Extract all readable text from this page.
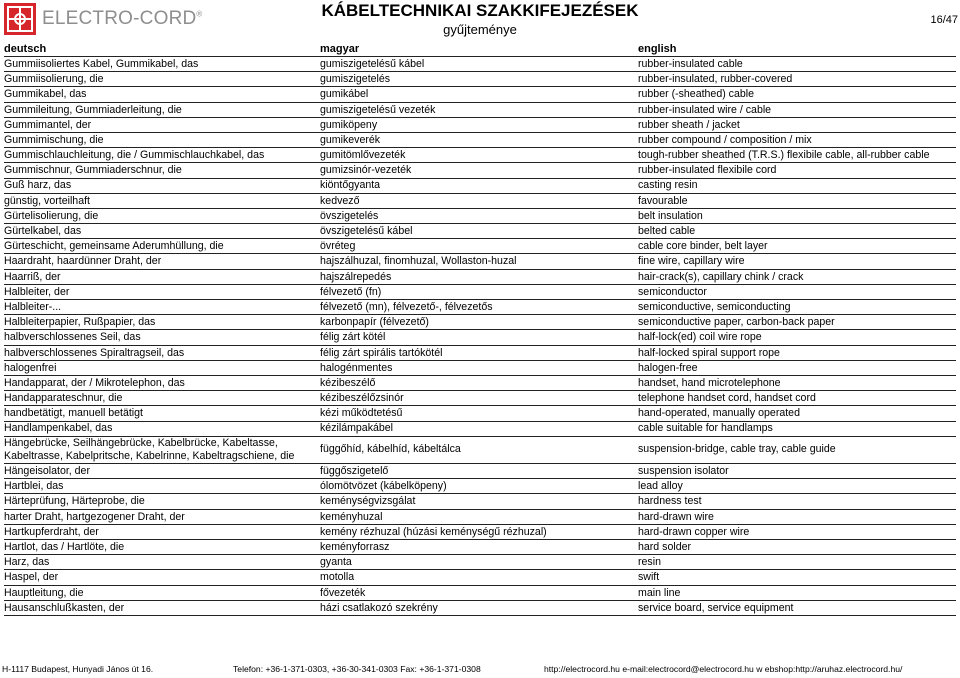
ELECTRO-CORD®	KÁBELTECHNIKAI SZAKKIFEJEZÉSEK
gyűjteménye
16/47
deutsch	magyar	english
Gummiisoliertes Kabel, Gummikabel, das	gumiszigetelésű kábel	rubber-insulated cable
Gummiisolierung, die	gumiszigetelés	rubber-insulated, rubber-covered
Gummikabel, das	gumikábel	rubber (-sheathed) cable
Gummileitung, Gummiaderleitung, die	gumiszigetelésű vezeték	rubber-insulated wire / cable
Gummimantel, der	gumiköpeny	rubber sheath / jacket
Gummimischung, die	gumikeverék	rubber compound / composition / mix
Gummischlauchleitung, die / Gummischlauchkabel, das	gumitömlővezeték	tough-rubber sheathed (T.R.S.) flexibile cable, all-rubber cable
Gummischnur, Gummiaderschnur, die	gumizsinór-vezeték	rubber-insulated flexibile cord
Guß harz, das	kiöntőgyanta	casting resin
günstig, vorteilhaft	kedvező	favourable
Gürtelisolierung, die	övszigetelés	belt insulation
Gürtelkabel, das	övszigetelésű kábel	belted cable
Gürteschicht, gemeinsame Aderumhüllung, die	övréteg	cable core binder, belt layer
Haardraht, haardünner Draht, der	hajszálhuzal, finomhuzal, Wollaston-huzal	fine wire, capillary wire
Haarriß, der	hajszálrepedés	hair-crack(s), capillary chink / crack
Halbleiter, der	félvezető (fn)	semiconductor
Halbleiter-...	félvezető (mn), félvezető-, félvezetős	semiconductive, semiconducting
Halbleiterpapier, Rußpapier, das	karbonpapír (félvezető)	semiconductive paper, carbon-back paper
halbverschlossenes Seil, das	félig zárt kötél	half-lock(ed) coil wire rope
halbverschlossenes Spiraltragseil, das	félig zárt spirális tartókötél	half-locked spiral support rope
halogenfrei	halogénmentes	halogen-free
Handapparat, der / Mikrotelephon, das	kézibeszélő	handset, hand microtelephone
Handapparateschnur, die	kézibeszélőzsinór	telephone handset cord, handset cord
handbetätigt, manuell betätigt	kézi működtetésű	hand-operated, manually operated
Handlampenkabel, das	kézilámpakábel	cable suitable for handlamps
Hängebrücke, Seilhängebrücke, Kabelbrücke, Kabeltasse, Kabeltrasse, Kabelpritsche, Kabelrinne, Kabeltragschiene, die	függőhíd, kábelhíd, kábeltálca	suspension-bridge, cable tray, cable guide
Hängeisolator, der	függőszigetelő	suspension isolator
Hartblei, das	ólomötvözet (kábelköpeny)	lead alloy
Härteprüfung, Härteprobe, die	keménységvizsgálat	hardness test
harter Draht, hartgezogener Draht, der	keményhuzal	hard-drawn wire
Hartkupferdraht, der	kemény rézhuzal (húzási keménységű rézhuzal)	hard-drawn copper wire
Hartlot, das / Hartlöte, die	keményforrasz	hard solder
Harz, das	gyanta	resin
Haspel, der	motolla	swift
Hauptleitung, die	fővezeték	main line
Hausanschlußkasten, der	házi csatlakozó szekrény	service board, service equipment
H-1117 Budapest, Hunyadi János út 16.	Telefon: +36-1-371-0303, +36-30-341-0303 Fax: +36-1-371-0308	http://electrocord.hu e-mail:electrocord@electrocord.hu w ebshop:http://aruhaz.electrocord.hu/
